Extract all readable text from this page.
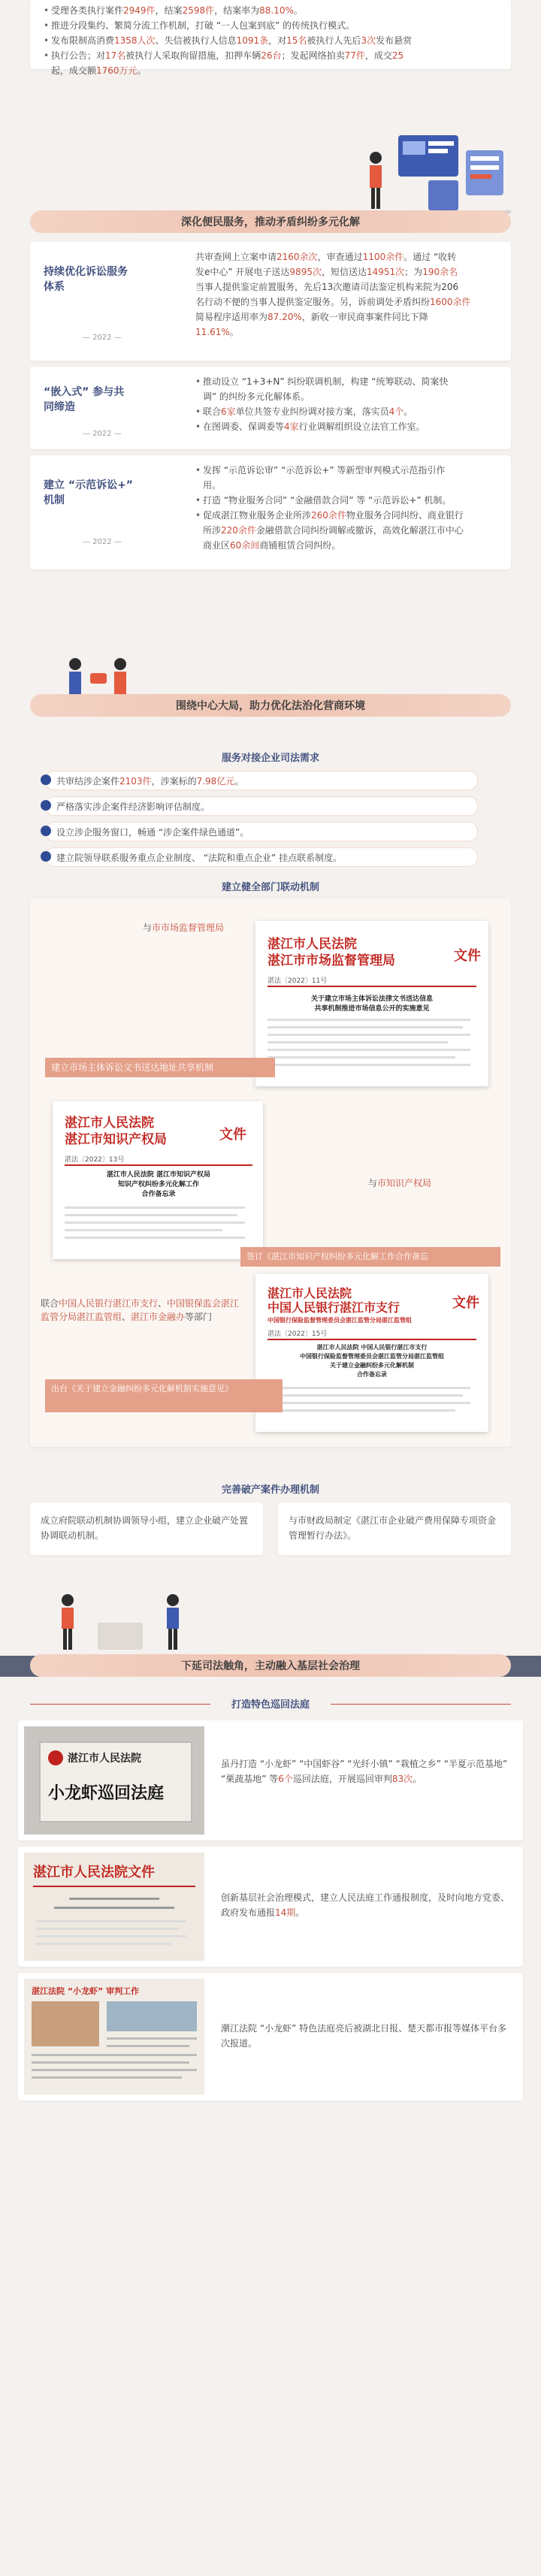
• 受理各类执行案件2949件，结案2598件，结案率为88.10%。

• 推进分段集约、繁简分流工作机制，打破 “一人包案到底” 的传统执行模式。

• 发布限制高消费1358人次、失信被执行人信息1091条，对15名被执行人先后3次发布悬赏

• 执行公告；对17名被执行人采取拘留措施，扣押车辆26台；发起网络拍卖77件，成交25

起，成交额1760万元。

深化便民服务，推动矛盾纠纷多元化解
持续优化诉讼服务
体系
— 2022 —
共审查网上立案申请2160余次，审查通过1100余件。通过 “收转
发e中心” 开展电子送达9895次，短信送达14951次；为190余名
当事人提供鉴定前置服务，先后13次邀请司法鉴定机构来院为206
名行动不便的当事人提供鉴定服务。另，诉前调处矛盾纠纷1600余件
简易程序适用率为87.20%，新收一审民商事案件同比下降
11.61%。
“嵌入式” 参与共
同缔造
— 2022 —

• 推动设立 “1+3+N” 纠纷联调机制，构建 “统筹联动、简案快

调” 的纠纷多元化解体系。

• 联合6家单位共签专业纠纷调对接方案，落实员4个。

• 在图调委、保调委等4家行业调解组织设立法官工作室。

建立 “示范诉讼+”
机制
— 2022 —

• 发挥 “示范诉讼审” “示范诉讼+” 等新型审判模式示范指引作

用。

• 打造 “物业服务合同” “金融借款合同” 等 “示范诉讼+” 机制。

• 促成湛江物业服务企业所涉260余件物业服务合同纠纷、商业银行

所涉220余件金融借款合同纠纷调解或撤诉，高效化解湛江市中心

商业区60余间商铺租赁合同纠纷。

围绕中心大局，助力优化法治化营商环境
服务对接企业司法需求
共审结涉企案件 2103件 ，涉案标的 7.98亿元 。
严格落实涉企案件经济影响评估制度。
设立涉企服务窗口，畅通 “涉企案件绿色通道”。
建立院领导联系服务重点企业制度、 “法院和重点企业” 挂点联系制度。
建立健全部门联动机制
湛江市人民法院
湛江市市场监督管理局	文件
湛法〔2022〕11号
关于建立市场主体诉讼法律文书送达信息
共享机制推进市场信息公开的实施意见
与市市场监督管理局
建立市场主体诉讼文书送达地址共享机制
湛江市人民法院
湛江市知识产权局	文件
湛法〔2022〕13号
湛江市人民法院 湛江市知识产权局
知识产权纠纷多元化解工作
合作备忘录
与市知识产权局
签订《湛江市知识产权纠纷多元化解工作合作备忘
联合中国人民银行湛江市支行、中国银保监会湛江监管分局湛江监管组、湛江市金融办等部门
湛江市人民法院
中国人民银行湛江市支行
中国银行保险监督管理委员会湛江监管分局湛江监管组
文件
湛法〔2022〕15号
湛江市人民法院 中国人民银行湛江市支行
中国银行保险监督管理委员会湛江监管分局湛江监管组
关于建立金融纠纷多元化解机制
合作备忘录
出台《关于建立金融纠纷多元化解机制实施意见》
完善破产案件办理机制
成立府院联动机制协调领导小组，建立企业破产处置协调联动机制。
与市财政局制定《湛江市企业破产费用保障专项资金管理暂行办法》。
下延司法触角，主动融入基层社会治理
打造特色巡回法庭
湛江市人民法院
小龙虾巡回法庭
虽丹打造 “小龙虾” “中国虾谷” “光纤小镇” “栽植之乡” “半夏示范基地” “栗蔬基地” 等6个巡回法庭，开展巡回审判83次。
湛江市人民法院文件
创新基层社会治理模式，建立人民法庭工作通报制度，及时向地方党委、政府发布通报14期。
湛江法院 “小龙虾” 审判工作
潮江法院 “小龙虾” 特色法庭亮后被湖北日报、楚天都市报等媒体平台多次报道。
